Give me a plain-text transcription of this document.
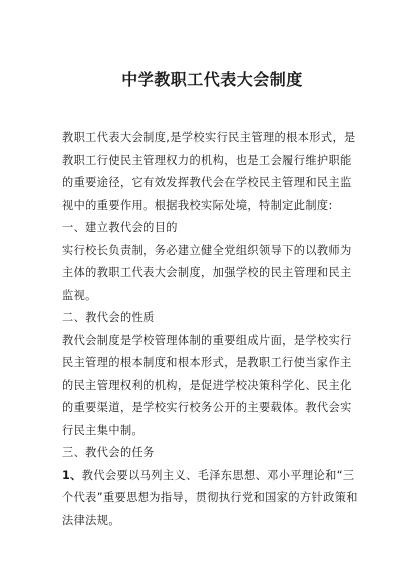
中学教职工代表大会制度

教职工代表大会制度,是学校实行民主管理的根本形式，是教职工行使民主管理权力的机构，也是工会履行维护职能的重要途径，它有效发挥教代会在学校民主管理和民主监视中的重要作用。根据我校实际处境，特制定此制度:

一、建立教代会的目的

实行校长负责制，务必建立健全党组织领导下的以教师为主体的教职工代表大会制度，加强学校的民主管理和民主监视。

二、教代会的性质

教代会制度是学校管理体制的重要组成片面，是学校实行民主管理的根本制度和根本形式，是教职工行使当家作主的民主管理权利的机构，是促进学校决策科学化、民主化的重要渠道，是学校实行校务公开的主要载体。教代会实行民主集中制。

三、教代会的任务

1、教代会要以马列主义、毛泽东思想、邓小平理论和“三个代表”重要思想为指导，贯彻执行党和国家的方针政策和法律法规。
